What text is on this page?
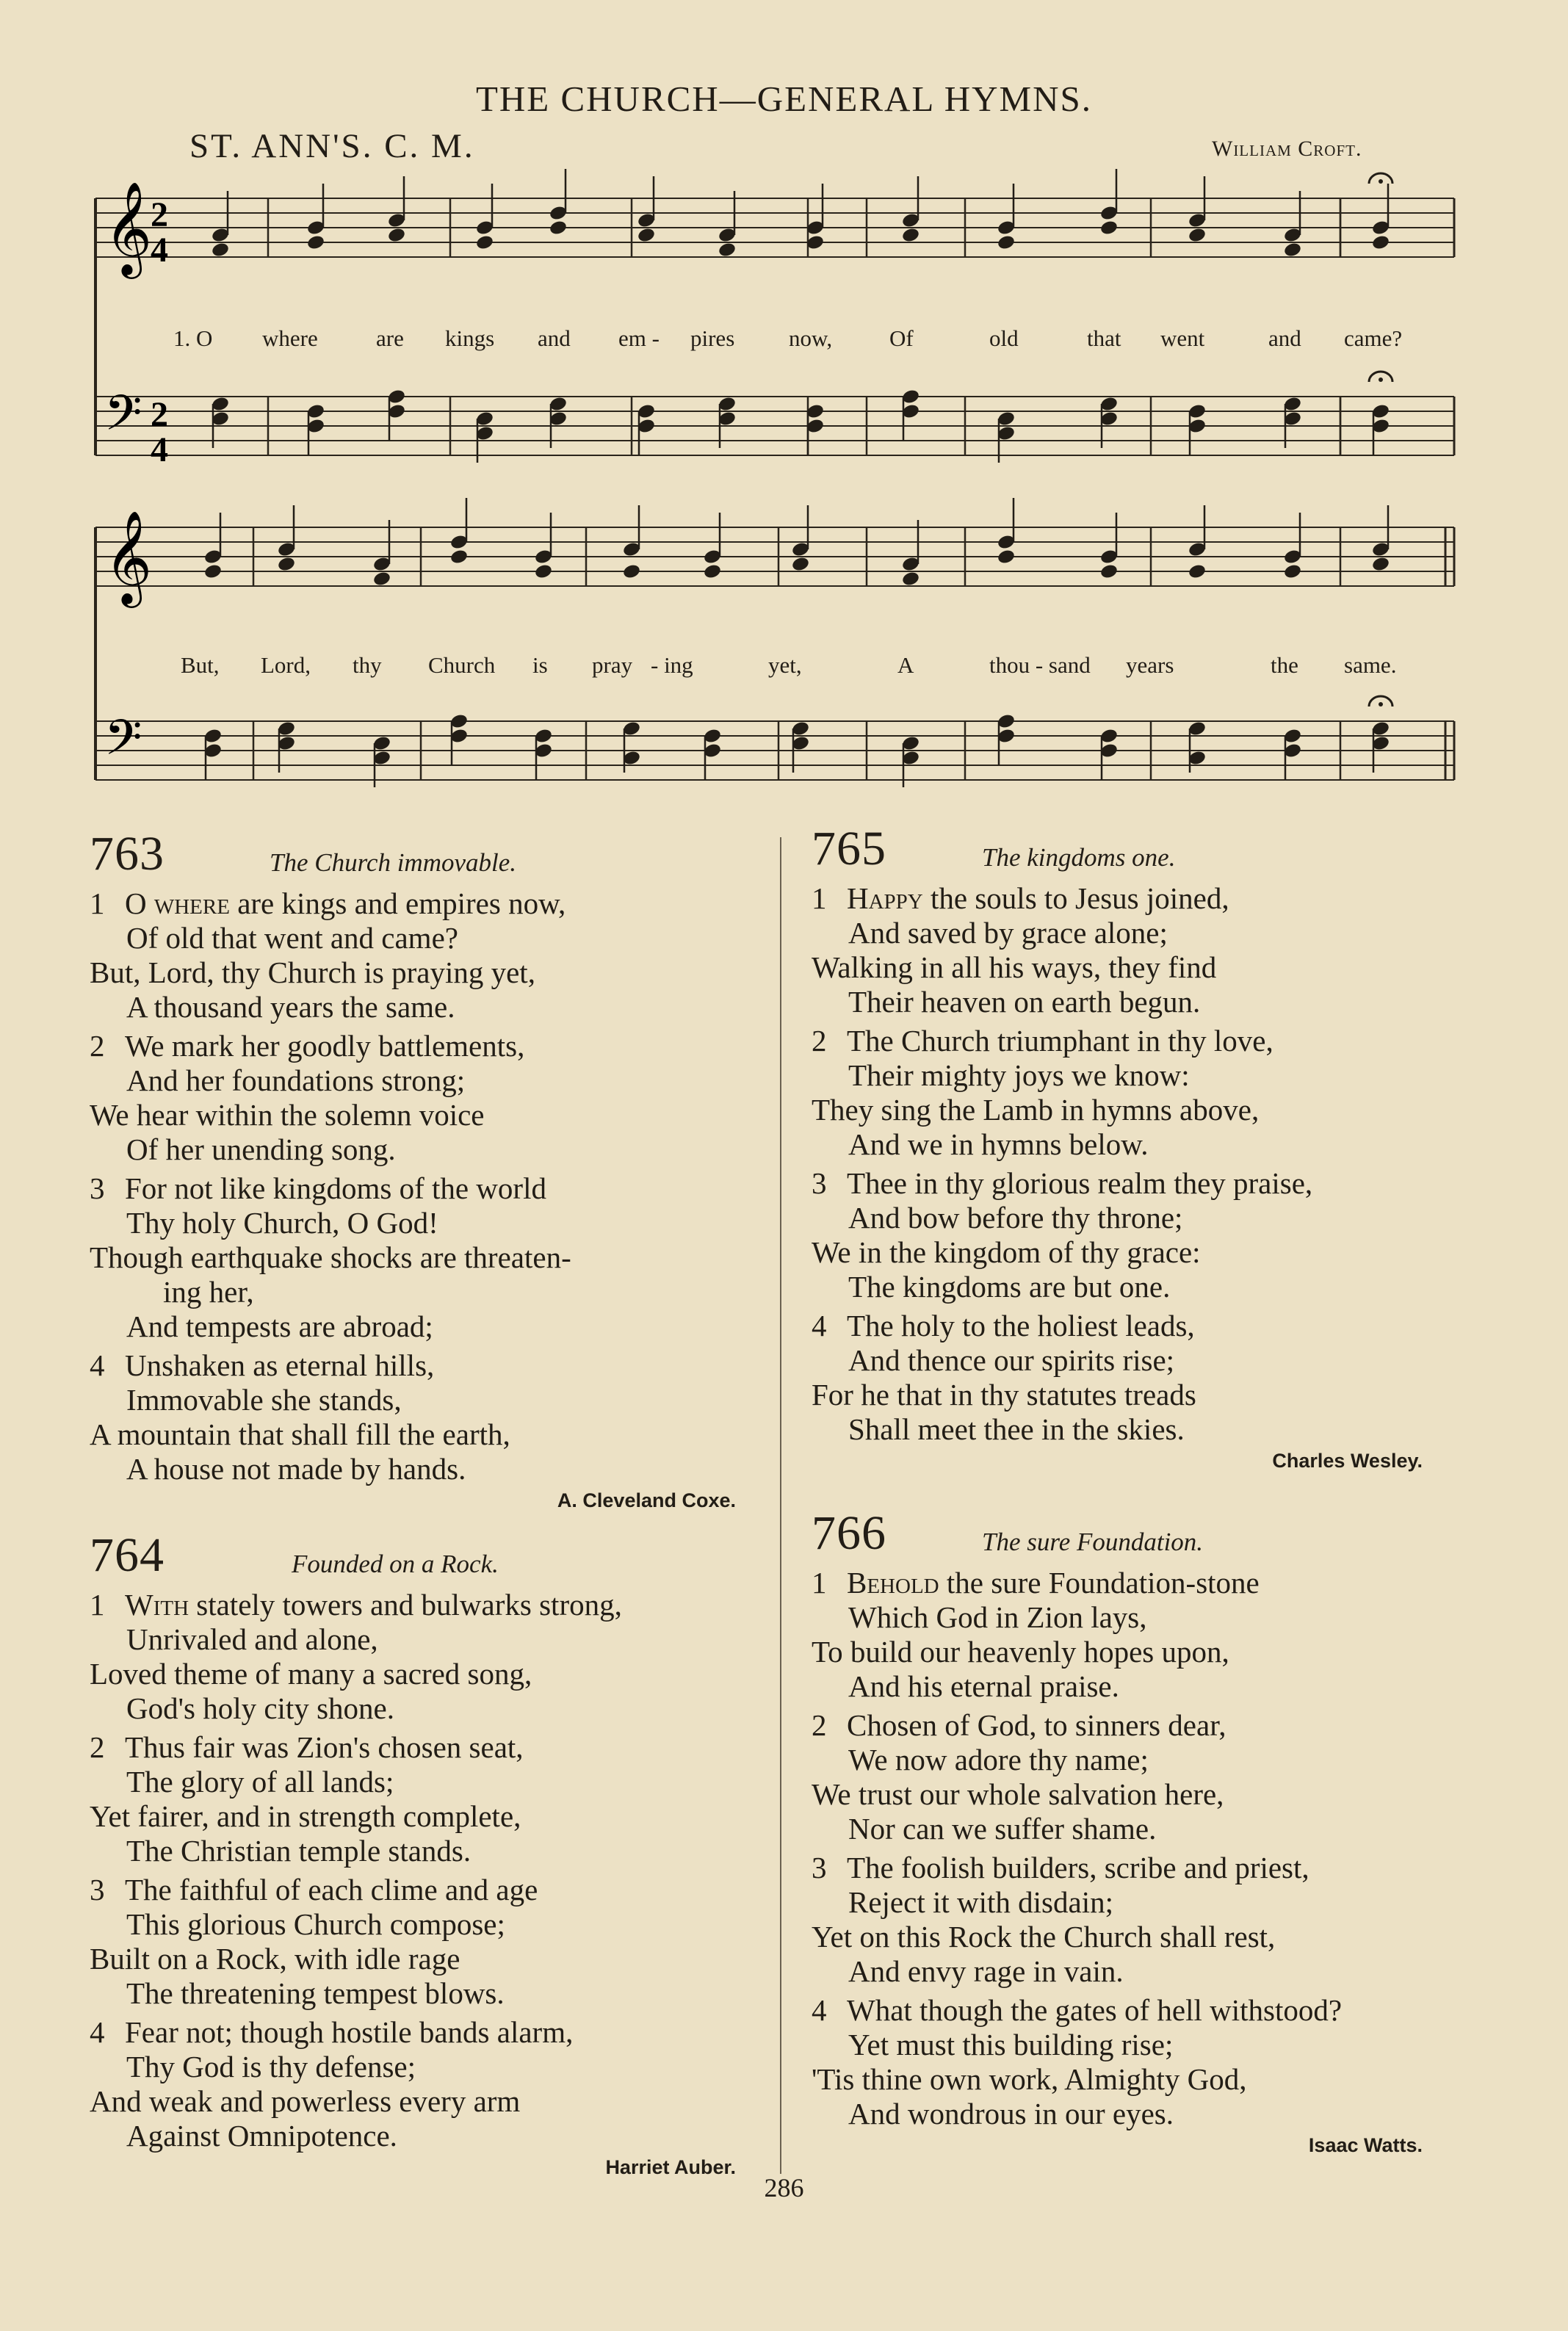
THE CHURCH—GENERAL HYMNS.
ST. ANN'S. C. M.	William Croft.
𝄞
𝄢
𝄞
𝄢
2
4
2
4
1. O where	are kings and em - pires now,	Of	old	that went	and came?
But, Lord, thy Church is pray - ing	yet,	A	thou - sand years	the same.
763	The Church immovable.
1 O where are kings and empires now,
Of old that went and came?
But, Lord, thy Church is praying yet,
A thousand years the same.
2 We mark her goodly battlements,
And her foundations strong;
We hear within the solemn voice
Of her unending song.
3 For not like kingdoms of the world
Thy holy Church, O God!
Though earthquake shocks are threaten-
ing her,
And tempests are abroad;
4 Unshaken as eternal hills,
Immovable she stands,
A mountain that shall fill the earth,
A house not made by hands.
A. Cleveland Coxe.
764	Founded on a Rock.
1 With stately towers and bulwarks strong,
Unrivaled and alone,
Loved theme of many a sacred song,
God's holy city shone.
2 Thus fair was Zion's chosen seat,
The glory of all lands;
Yet fairer, and in strength complete,
The Christian temple stands.
3 The faithful of each clime and age
This glorious Church compose;
Built on a Rock, with idle rage
The threatening tempest blows.
4 Fear not; though hostile bands alarm,
Thy God is thy defense;
And weak and powerless every arm
Against Omnipotence.
Harriet Auber.
765	The kingdoms one.
1 Happy the souls to Jesus joined,
And saved by grace alone;
Walking in all his ways, they find
Their heaven on earth begun.
2 The Church triumphant in thy love,
Their mighty joys we know:
They sing the Lamb in hymns above,
And we in hymns below.
3 Thee in thy glorious realm they praise,
And bow before thy throne;
We in the kingdom of thy grace:
The kingdoms are but one.
4 The holy to the holiest leads,
And thence our spirits rise;
For he that in thy statutes treads
Shall meet thee in the skies.
Charles Wesley.
766	The sure Foundation.
1 Behold the sure Foundation-stone
Which God in Zion lays,
To build our heavenly hopes upon,
And his eternal praise.
2 Chosen of God, to sinners dear,
We now adore thy name;
We trust our whole salvation here,
Nor can we suffer shame.
3 The foolish builders, scribe and priest,
Reject it with disdain;
Yet on this Rock the Church shall rest,
And envy rage in vain.
4 What though the gates of hell withstood?
Yet must this building rise;
'Tis thine own work, Almighty God,
And wondrous in our eyes.
Isaac Watts.
286
